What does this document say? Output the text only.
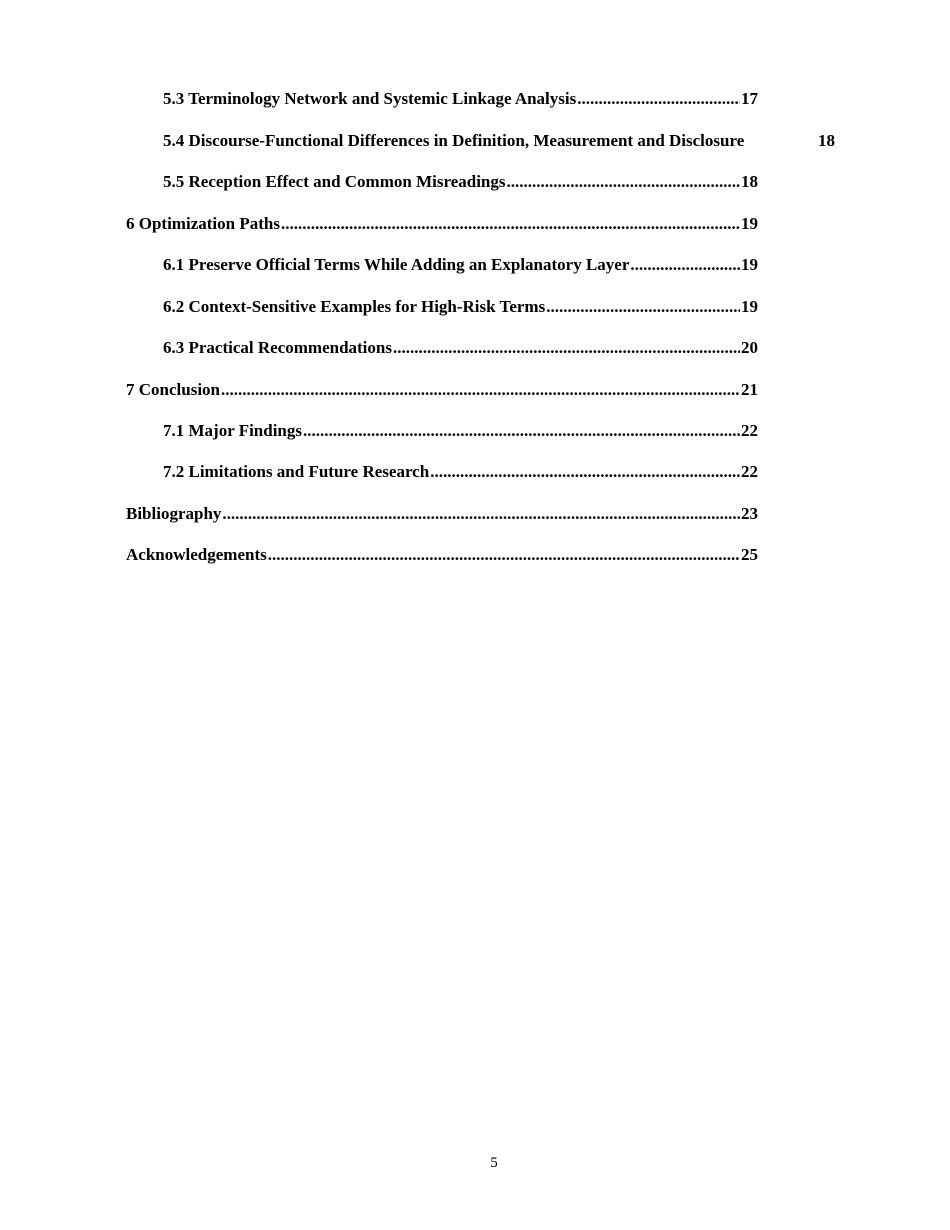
5.3 Terminology Network and Systemic Linkage Analysis .....	17
5.4 Discourse-Functional Differences in Definition, Measurement and Disclosure	18
5.5 Reception Effect and Common Misreadings .....	18
6 Optimization Paths .....	19
6.1 Preserve Official Terms While Adding an Explanatory Layer .....	19
6.2 Context-Sensitive Examples for High-Risk Terms .....	19
6.3 Practical Recommendations .....	20
7 Conclusion .....	21
7.1 Major Findings .....	22
7.2 Limitations and Future Research .....	22
Bibliography .....	23
Acknowledgements .....	25
5
